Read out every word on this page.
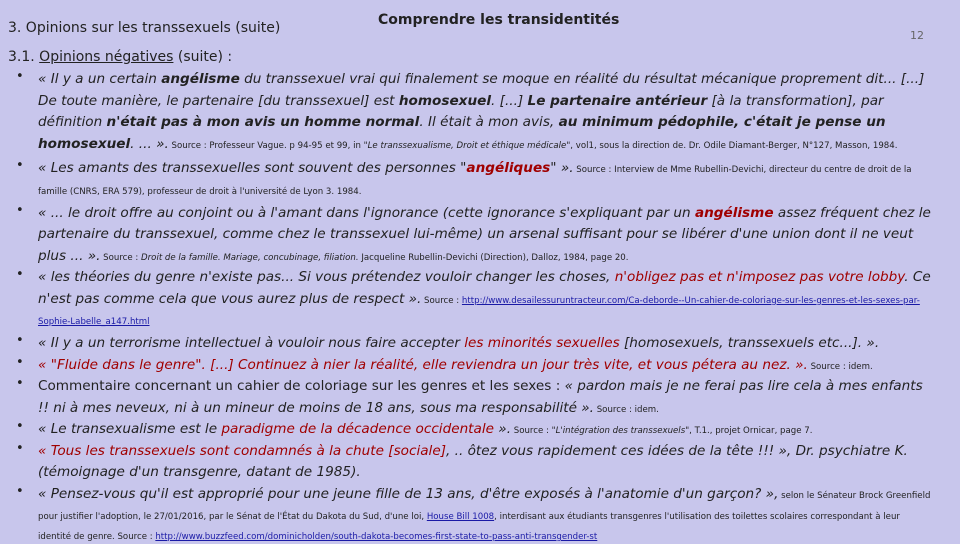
3. Opinions sur les transsexuels (suite)	Comprendre les transidentités
12
3.1. Opinions négatives (suite) :
• « Il y a un certain angélisme du transsexuel vrai qui finalement se moque en réalité du résultat mécanique proprement dit... [...] De toute manière, le partenaire [du transsexuel] est homosexuel. [...] Le partenaire antérieur [à la transformation], par définition n'était pas à mon avis un homme normal. Il était à mon avis, au minimum pédophile, c'était je pense un homosexuel. ... ». Source : Professeur Vague. p 94-95 et 99, in "Le transsexualisme, Droit et éthique médicale", vol1, sous la direction de. Dr. Odile Diamant-Berger, N°127, Masson, 1984.
• « Les amants des transsexuelles sont souvent des personnes "angéliques" ». Source : Interview de Mme Rubellin-Devichi, directeur du centre de droit de la famille (CNRS, ERA 579), professeur de droit à l'université de Lyon 3. 1984.
• « ... le droit offre au conjoint ou à l'amant dans l'ignorance (cette ignorance s'expliquant par un angélisme assez fréquent chez le partenaire du transsexuel, comme chez le transsexuel lui-même) un arsenal suffisant pour se libérer d'une union dont il ne veut plus ... ». Source : Droit de la famille. Mariage, concubinage, filiation. Jacqueline Rubellin-Devichi (Direction), Dalloz, 1984, page 20.
• « les théories du genre n'existe pas... Si vous prétendez vouloir changer les choses, n'obligez pas et n'imposez pas votre lobby. Ce n'est pas comme cela que vous aurez plus de respect ». Source : http://www.desailessuruntracteur.com/Ca-deborde--Un-cahier-de-coloriage-sur-les-genres-et-les-sexes-par-Sophie-Labelle_a147.html
• « Il y a un terrorisme intellectuel à vouloir nous faire accepter les minorités sexuelles [homosexuels, transsexuels etc...]. ».
• « "Fluide dans le genre". [...] Continuez à nier la réalité, elle reviendra un jour très vite, et vous pétera au nez. ». Source : idem.
• Commentaire concernant un cahier de coloriage sur les genres et les sexes : « pardon mais je ne ferai pas lire cela à mes enfants !! ni à mes neveux, ni à un mineur de moins de 18 ans, sous ma responsabilité ». Source : idem.
• « Le transexualisme est le paradigme de la décadence occidentale ». Source : "L'intégration des transsexuels", T.1., projet Ornicar, page 7.
• « Tous les transsexuels sont condamnés à la chute [sociale], .. ôtez vous rapidement ces idées de la tête !!! », Dr. psychiatre K. (témoignage d'un transgenre, datant de 1985).
• « Pensez-vous qu'il est approprié pour une jeune fille de 13 ans, d'être exposés à l'anatomie d'un garçon? », selon le Sénateur Brock Greenfield pour justifier l'adoption, le 27/01/2016, par le Sénat de l'État du Dakota du Sud, d'une loi, House Bill 1008, interdisant aux étudiants transgenres l'utilisation des toilettes scolaires correspondant à leur identité de genre. Source : http://www.buzzfeed.com/dominicholden/south-dakota-becomes-first-state-to-pass-anti-transgender-st
